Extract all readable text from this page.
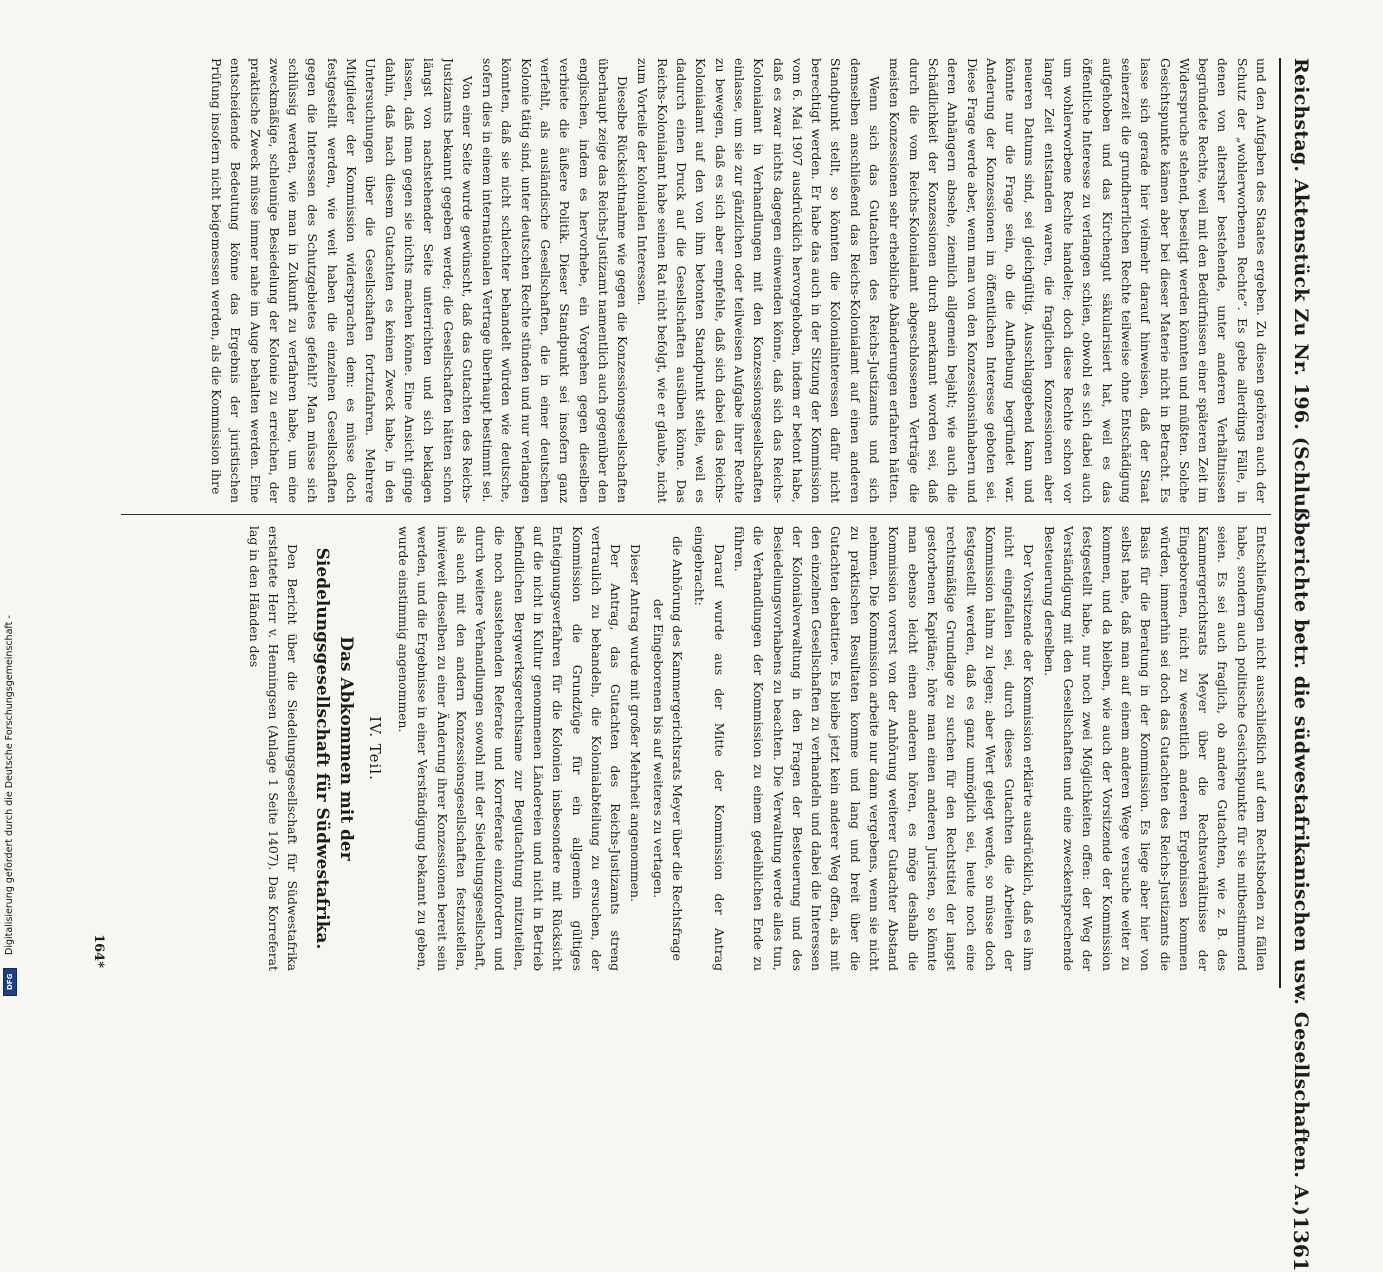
Reichstag. Aktenstück Zu Nr. 196. (Schlußberichte betr. die südwestafrikanischen usw. Gesellschaften. A.)
1361

und den Aufgaben des Staates ergeben. Zu diesen gehören auch der Schutz der „wohlerworbenen Rechte“. Es gebe allerdings Fälle, in denen von altersher bestehende, unter anderen Verhältnissen begründete Rechte, weil mit den Bedürfnissen einer späteren Zeit im Widerspruche stehend, beseitigt werden könnten und müßten. Solche Gesichtspunkte kämen aber bei dieser Materie nicht in Betracht. Es lasse sich gerade hier vielmehr darauf hinweisen, daß der Staat seinerzeit die grundherrlichen Rechte teilweise ohne Entschädigung aufgehoben und das Kirchengut säkularisiert hat, weil es das öffentliche Interesse zu verlangen schien, obwohl es sich dabei auch um wohlerworbene Rechte handelte; doch diese Rechte schon vor langer Zeit entstanden waren, die fraglichen Konzessionen aber neueren Datums sind, sei gleichgültig. Ausschlaggebend kann und könnte nur die Frage sein, ob die Aufhebung begründet war. Anderung der Konzessionen im öffentlichen Interesse geboten sei. Diese Frage werde aber, wenn man von den Konzessionsinhabern und deren Anhängern absehe, ziemlich allgemein bejaht; wie auch die Schädlichkeit der Konzessionen durch anerkannt worden sei, daß durch die vom Reichs-Kolonialamt abgeschlossenen Verträge die meisten Konzessionen sehr erhebliche Abänderungen erfahren hätten.

Wenn sich das Gutachten des Reichs-Justizamts und sich demselben anschließend das Reichs-Kolonialamt auf einen anderen Standpunkt stellt, so könnten die Kolonialinteressen dafür nicht berechtigt werden. Er habe das auch in der Sitzung der Kommission vom 6. Mai 1907 ausdrücklich hervorgehoben, indem er betont habe, daß es zwar nichts dagegen einwenden könne, daß sich das Reichs-Kolonialamt in Verhandlungen mit den Konzessionsgesellschaften einlasse, um sie zur gänzlichen oder teilweisen Aufgabe ihrer Rechte zu bewegen, daß es sich aber empfehle, daß sich dabei das Reichs-Kolonialamt auf den von ihm betonten Standpunkt stelle, weil es dadurch einen Druck auf die Gesellschaften ausüben könne. Das Reichs-Kolonialamt habe seinen Rat nicht befolgt, wie er glaube, nicht zum Vorteile der kolonialen Interessen.

Dieselbe Rücksichtnahme wie gegen die Konzessionsgesellschaften überhaupt zeige das Reichs-Justizamt namentlich auch gegenüber den englischen, indem es hervorhebe, ein Vorgehen gegen dieselben verbiete die äußere Politik. Dieser Standpunkt sei insofern ganz verfehlt, als ausländische Gesellschaften, die in einer deutschen Kolonie tätig sind, unter deutschen Rechte stünden und nur verlangen könnten, daß sie nicht schlechter behandelt würden wie deutsche, sofern dies in einem internationalen Vertrage überhaupt bestimmt sei.

Von einer Seite wurde gewünscht, daß das Gutachten des Reichs-Justizamts bekannt gegeben werde; die Gesellschaften hätten schon längst von nachstehender Seite unterrichten und sich beklagen lassen, daß man gegen sie nichts machen könne. Eine Ansicht ginge dahin, daß nach diesem Gutachten es keinen Zweck habe, in den Untersuchungen über die Gesellschaften fortzufahren. Mehrere Mitglieder der Kommission widersprachen dem: es müsse doch festgestellt werden, wie weit haben die einzelnen Gesellschaften gegen die Interessen des Schutzgebietes gefehlt? Man müsse sich schlüssig werden, wie man in Zukunft zu verfahren habe, um eine zweckmäßige, schleunige Besiedelung der Kolonie zu erreichen, der praktische Zweck müsse immer nahe im Auge behalten werden. Eine entscheidende Bedeutung könne das Ergebnis der juristischen Prüfung insofern nicht beigemessen werden, als die Kommission ihre

Entschließungen nicht ausschließlich auf dem Rechtsboden zu fällen habe, sondern auch politische Gesichtspunkte für sie mitbestimmend seien. Es sei auch fraglich, ob andere Gutachten, wie z. B. des Kammergerichtsrats Meyer über die Rechtsverhältnisse der Eingeborenen, nicht zu wesentlich anderen Ergebnissen kommen würden, immerhin sei doch das Gutachten des Reichs-Justizamts die Basis für die Beratung in der Kommission. Es liege aber hier von selbst nahe, daß man auf einem anderen Wege versuche weiter zu kommen, und da bleiben, wie auch der Vorsitzende der Kommission festgestellt habe, nur noch zwei Möglichkeiten offen: der Weg der Verständigung mit den Gesellschaften und eine zweckentsprechende Besteuerung derselben.

Der Vorsitzende der Kommission erklärte ausdrücklich, daß es ihm nicht eingefallen sei, durch dieses Gutachten die Arbeiten der Kommission lahm zu legen; aber Wert gelegt werde, so müsse doch festgestellt werden, daß es ganz unmöglich sei, heute noch eine rechtsmäßige Grundlage zu suchen für den Rechtstitel der langst gestorbenen Kapitäne; höre man einen anderen Juristen, so könnte man ebenso leicht einen anderen hören, es möge deshalb die Kommission vorerst von der Anhörung weiterer Gutachter Abstand nehmen. Die Kommission arbeite nur dann vergebens, wenn sie nicht zu praktischen Resultaten komme und lang und breit über die Gutachten debattiere. Es bleibe jetzt kein anderer Weg offen, als mit den einzelnen Gesellschaften zu verhandeln und dabei die Interessen der Kolonialverwaltung in den Fragen der Besteuerung und des Besiedelungsvorhabens zu beachten. Die Verwaltung werde alles tun, die Verhandlungen der Kommission zu einem gedeihlichen Ende zu führen.

Darauf wurde aus der Mitte der Kommission der Antrag eingebracht:

die Anhörung des Kammergerichtsrats Meyer über die Rechtsfrage der Eingeborenen bis auf weiteres zu vertagen.

Dieser Antrag wurde mit großer Mehrheit angenommen.

Der Antrag, das Gutachten des Reichs-Justizamts streng vertraulich zu behandeln, die Kolonialabteilung zu ersuchen, der Kommission die Grundzüge für ein allgemein gültiges Enteignungsverfahren für die Kolonien insbesondere mit Rücksicht auf die nicht in Kultur genommenen Ländereien und nicht in Betrieb befindlichen Bergwerksgerechtsame zur Begutachtung mitzuteilen, die noch ausstehenden Referate und Korreferate einzufordern und durch weitere Verhandlungen sowohl mit der Siedelungsgesellschaft, als auch mit den andern Konzessionsgesellschaften festzustellen, inwieweit dieselben zu einer Änderung ihrer Konzessionen bereit sein werden, und die Ergebnisse in einer Verständigung bekannt zu geben, wurde einstimmig angenommen.

IV. Teil.
Das Abkommen mit der Siedelungsgesellschaft für Südwestafrika.

Den Bericht über die Siedelungsgesellschaft für Südwestafrika erstattete Herr v. Henningsen (Anlage 1 Seite 1407). Das Korreferat lag in den Händen des

164*
Digitalisierung gefördert durch die Deutsche Forschungsgemeinschaft -
DFG
